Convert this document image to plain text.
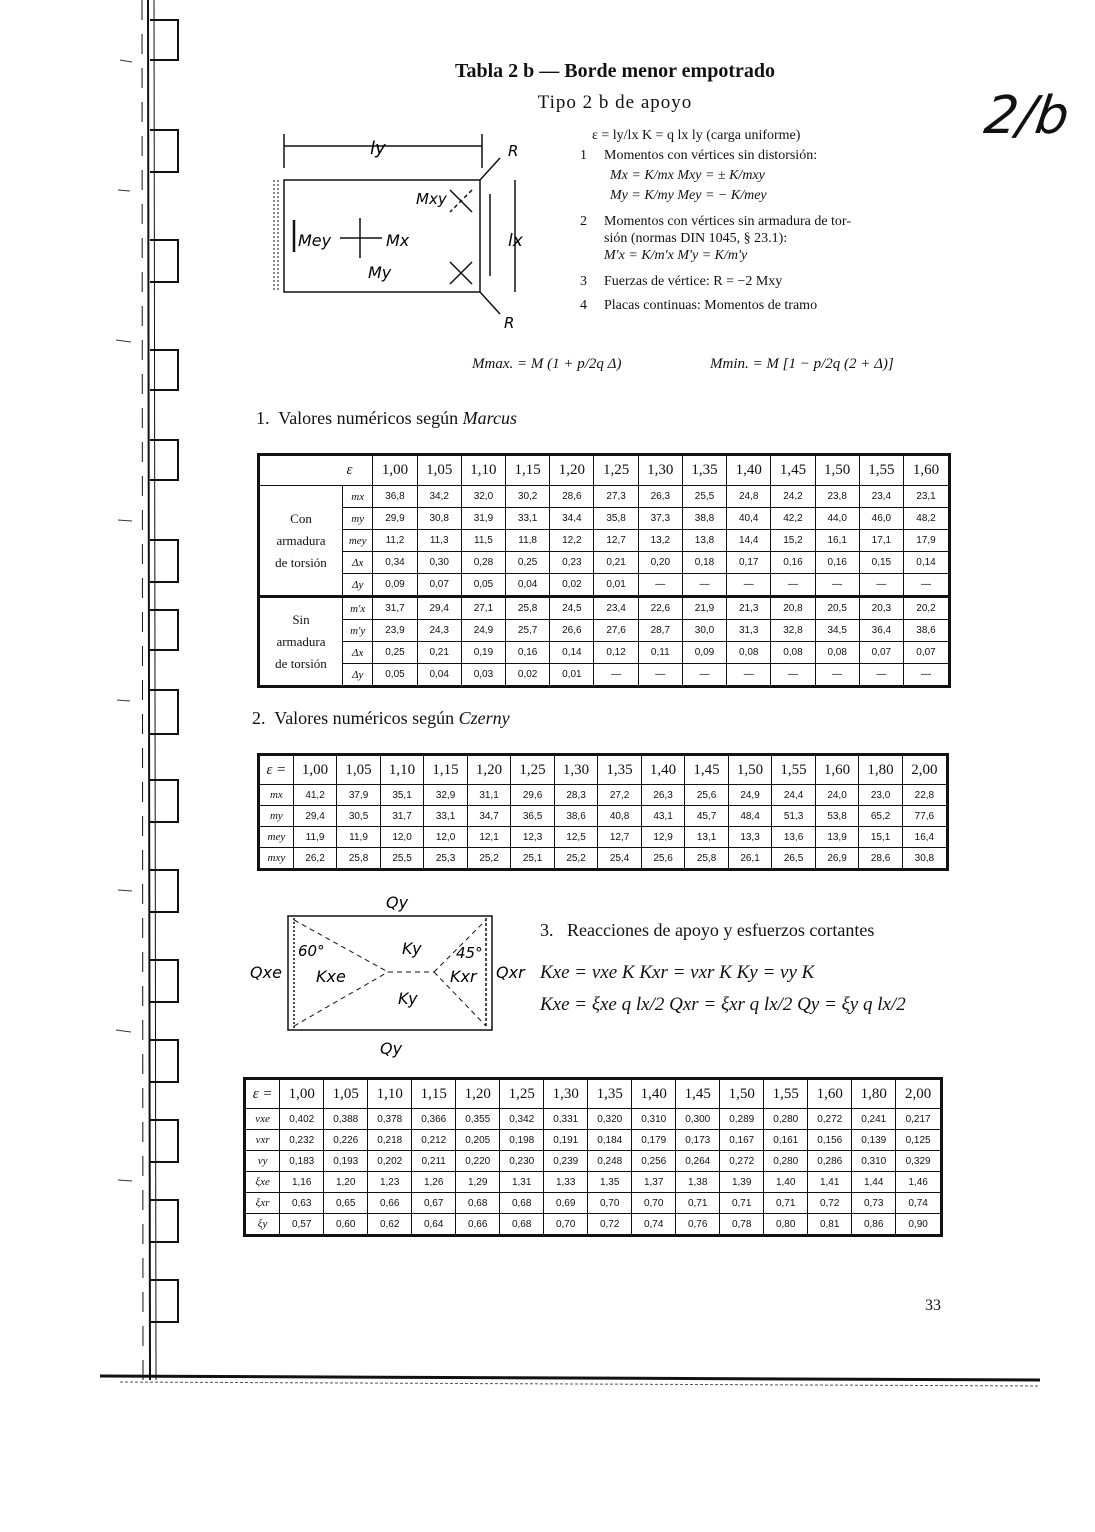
Tabla 2 b — Borde menor empotrado
Tipo 2 b de apoyo	2/b
ly	R
R
lx
Mxy
Mey	Mx
My
ε = ly/lx K = q lx ly (carga uniforme)
1 Momentos con vértices sin distorsión:
Mx = K/mx Mxy = ± K/mxy
My = K/my Mey = − K/mey
2 Momentos con vértices sin armadura de tor-
sión (normas DIN 1045, § 23.1):
M'x = K/m'x M'y = K/m'y
3 Fuerzas de vértice: R = −2 Mxy
4 Placas continuas: Momentos de tramo
Mmax. = M (1 + p/2q Δ)	Mmin. = M [1 − p/2q (2 + Δ)]
1. Valores numéricos según Marcus
ε		1,00	1,05	1,10	1,15	1,20	1,25	1,30	1,35	1,40	1,45	1,50	1,55	1,60

Con
armadura
de torsión	mx	36,8	34,2	32,0	30,2	28,6	27,3	26,3	25,5	24,8	24,2	23,8	23,4	23,1
	my	29,9	30,8	31,9	33,1	34,4	35,8	37,3	38,8	40,4	42,2	44,0	46,0	48,2
	mey	11,2	11,3	11,5	11,8	12,2	12,7	13,2	13,8	14,4	15,2	16,1	17,1	17,9
	Δx	0,34	0,30	0,28	0,25	0,23	0,21	0,20	0,18	0,17	0,16	0,16	0,15	0,14
	Δy	0,09	0,07	0,05	0,04	0,02	0,01	—	—	—	—	—	—	—

Sin
armadura
de torsión	m'x	31,7	29,4	27,1	25,8	24,5	23,4	22,6	21,9	21,3	20,8	20,5	20,3	20,2
	m'y	23,9	24,3	24,9	25,7	26,6	27,6	28,7	30,0	31,3	32,8	34,5	36,4	38,6
	Δx	0,25	0,21	0,19	0,16	0,14	0,12	0,11	0,09	0,08	0,08	0,08	0,07	0,07
	Δy	0,05	0,04	0,03	0,02	0,01	—	—	—	—	—	—	—	—
2. Valores numéricos según Czerny
ε =	1,00	1,05	1,10	1,15	1,20	1,25	1,30	1,35	1,40	1,45	1,50	1,55	1,60	1,80	2,00
mx	41,2	37,9	35,1	32,9	31,1	29,6	28,3	27,2	26,3	25,6	24,9	24,4	24,0	23,0	22,8
my	29,4	30,5	31,7	33,1	34,7	36,5	38,6	40,8	43,1	45,7	48,4	51,3	53,8	65,2	77,6
mey	11,9	11,9	12,0	12,0	12,1	12,3	12,5	12,7	12,9	13,1	13,3	13,6	13,9	15,1	16,4
mxy	26,2	25,8	25,5	25,3	25,2	25,1	25,2	25,4	25,6	25,8	26,1	26,5	26,9	28,6	30,8
Qy
Qy
Qxe	Qxr
Ky
Ky
Kxe	Kxr
60°	45°
3. Reacciones de apoyo y esfuerzos cortantes
Kxe = vxe K Kxr = vxr K Ky = vy K
Kxe = ξxe q lx/2 Qxr = ξxr q lx/2 Qy = ξy q lx/2
ε =	1,00	1,05	1,10	1,15	1,20	1,25	1,30	1,35	1,40	1,45	1,50	1,55	1,60	1,80	2,00
vxe	0,402	0,388	0,378	0,366	0,355	0,342	0,331	0,320	0,310	0,300	0,289	0,280	0,272	0,241	0,217
vxr	0,232	0,226	0,218	0,212	0,205	0,198	0,191	0,184	0,179	0,173	0,167	0,161	0,156	0,139	0,125
vy	0,183	0,193	0,202	0,211	0,220	0,230	0,239	0,248	0,256	0,264	0,272	0,280	0,286	0,310	0,329
ξxe	1,16	1,20	1,23	1,26	1,29	1,31	1,33	1,35	1,37	1,38	1,39	1,40	1,41	1,44	1,46
ξxr	0,63	0,65	0,66	0,67	0,68	0,68	0,69	0,70	0,70	0,71	0,71	0,71	0,72	0,73	0,74
ξy	0,57	0,60	0,62	0,64	0,66	0,68	0,70	0,72	0,74	0,76	0,78	0,80	0,81	0,86	0,90
33
